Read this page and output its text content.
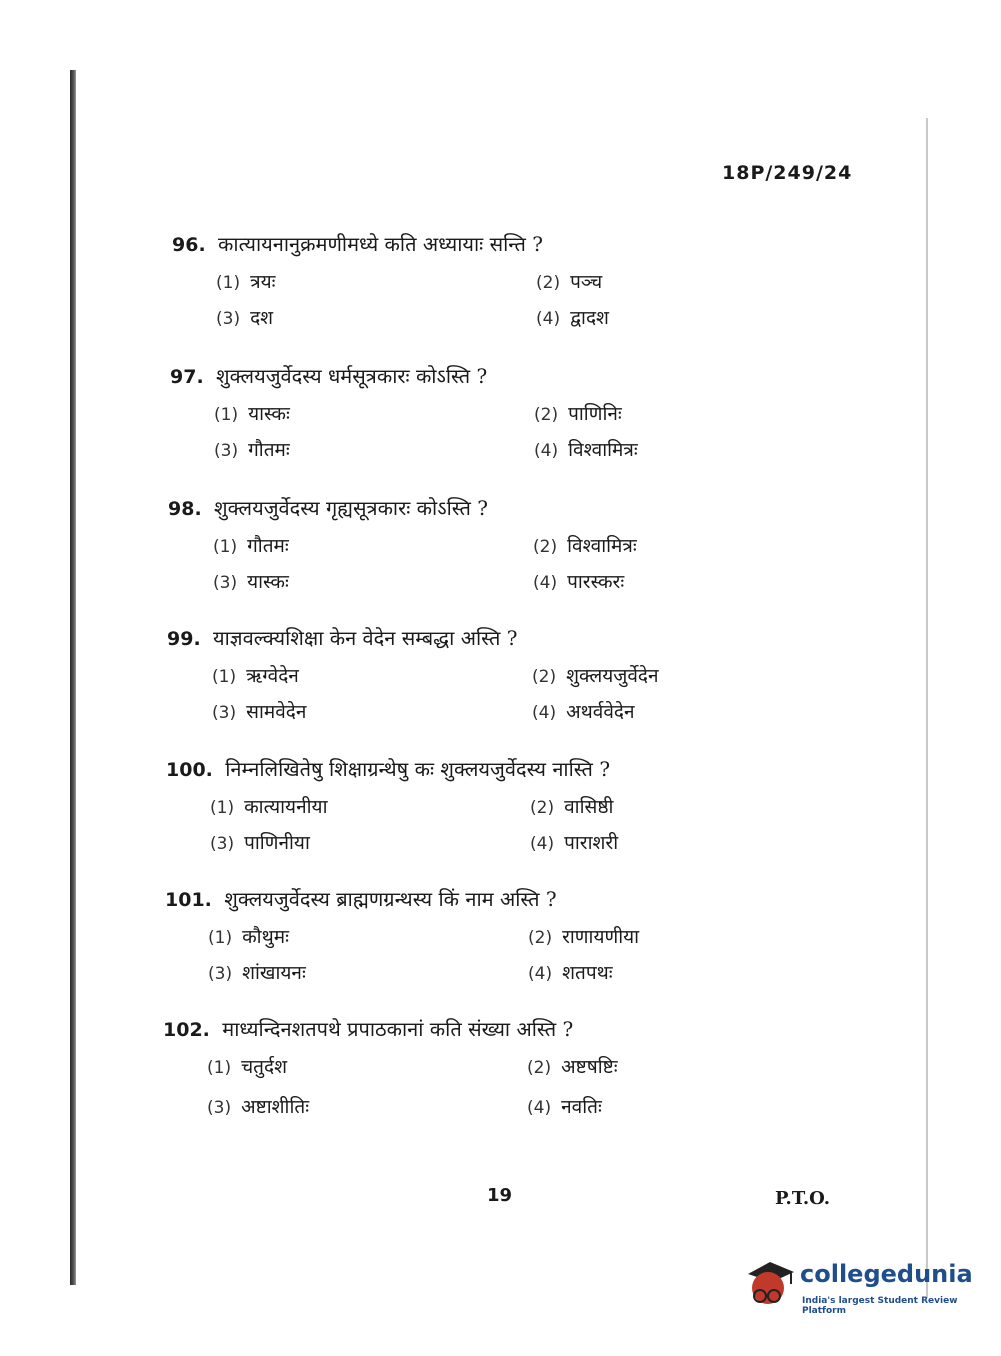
18P/249/24
96. कात्यायनानुक्रमणीमध्ये कति अध्यायाः सन्ति ?
(1) त्रयः	(2) पञ्च
(3) दश	(4) द्वादश
97. शुक्लयजुर्वेदस्य धर्मसूत्रकारः कोऽस्ति ?
(1) यास्कः	(2) पाणिनिः
(3) गौतमः	(4) विश्वामित्रः
98. शुक्लयजुर्वेदस्य गृह्यसूत्रकारः कोऽस्ति ?
(1) गौतमः	(2) विश्वामित्रः
(3) यास्कः	(4) पारस्करः
99. याज्ञवल्क्यशिक्षा केन वेदेन सम्बद्धा अस्ति ?
(1) ऋग्वेदेन	(2) शुक्लयजुर्वेदेन
(3) सामवेदेन	(4) अथर्ववेदेन
100. निम्नलिखितेषु शिक्षाग्रन्थेषु कः शुक्लयजुर्वेदस्य नास्ति ?
(1) कात्यायनीया	(2) वासिष्ठी
(3) पाणिनीया	(4) पाराशरी
101. शुक्लयजुर्वेदस्य ब्राह्मणग्रन्थस्य किं नाम अस्ति ?
(1) कौथुमः	(2) राणायणीया
(3) शांखायनः	(4) शतपथः
102. माध्यन्दिनशतपथे प्रपाठकानां कति संख्या अस्ति ?
(1) चतुर्दश	(2) अष्टषष्टिः
(3) अष्टाशीतिः	(4) नवतिः
19	P.T.O.
collegedunia
India's largest Student Review Platform
